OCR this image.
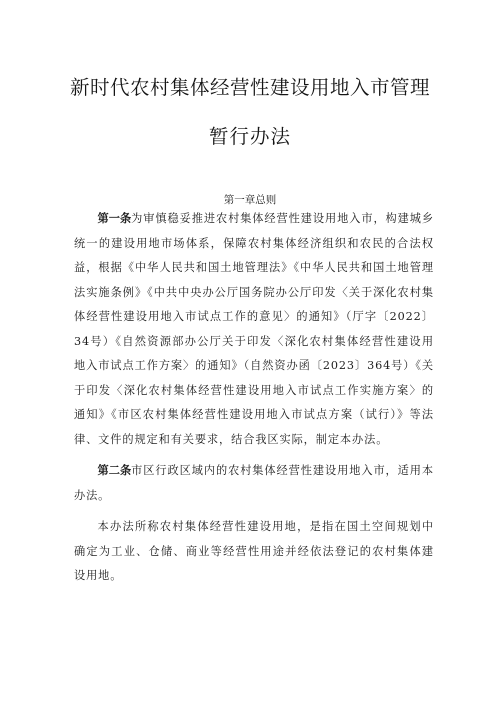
新时代农村集体经营性建设用地入市管理
暂行办法
第一章总则

第一条为审慎稳妥推进农村集体经营性建设用地入市，构建城乡统一的建设用地市场体系，保障农村集体经济组织和农民的合法权益，根据《中华人民共和国土地管理法》《中华人民共和国土地管理法实施条例》《中共中央办公厅国务院办公厅印发〈关于深化农村集体经营性建设用地入市试点工作的意见〉的通知》（厅字〔2022〕34号）《自然资源部办公厅关于印发〈深化农村集体经营性建设用地入市试点工作方案〉的通知》（自然资办函〔2023〕364号）《关于印发〈深化农村集体经营性建设用地入市试点工作实施方案〉的通知》《市区农村集体经营性建设用地入市试点方案（试行）》等法律、文件的规定和有关要求，结合我区实际，制定本办法。

第二条市区行政区域内的农村集体经营性建设用地入市，适用本办法。

本办法所称农村集体经营性建设用地，是指在国土空间规划中确定为工业、仓储、商业等经营性用途并经依法登记的农村集体建设用地。
